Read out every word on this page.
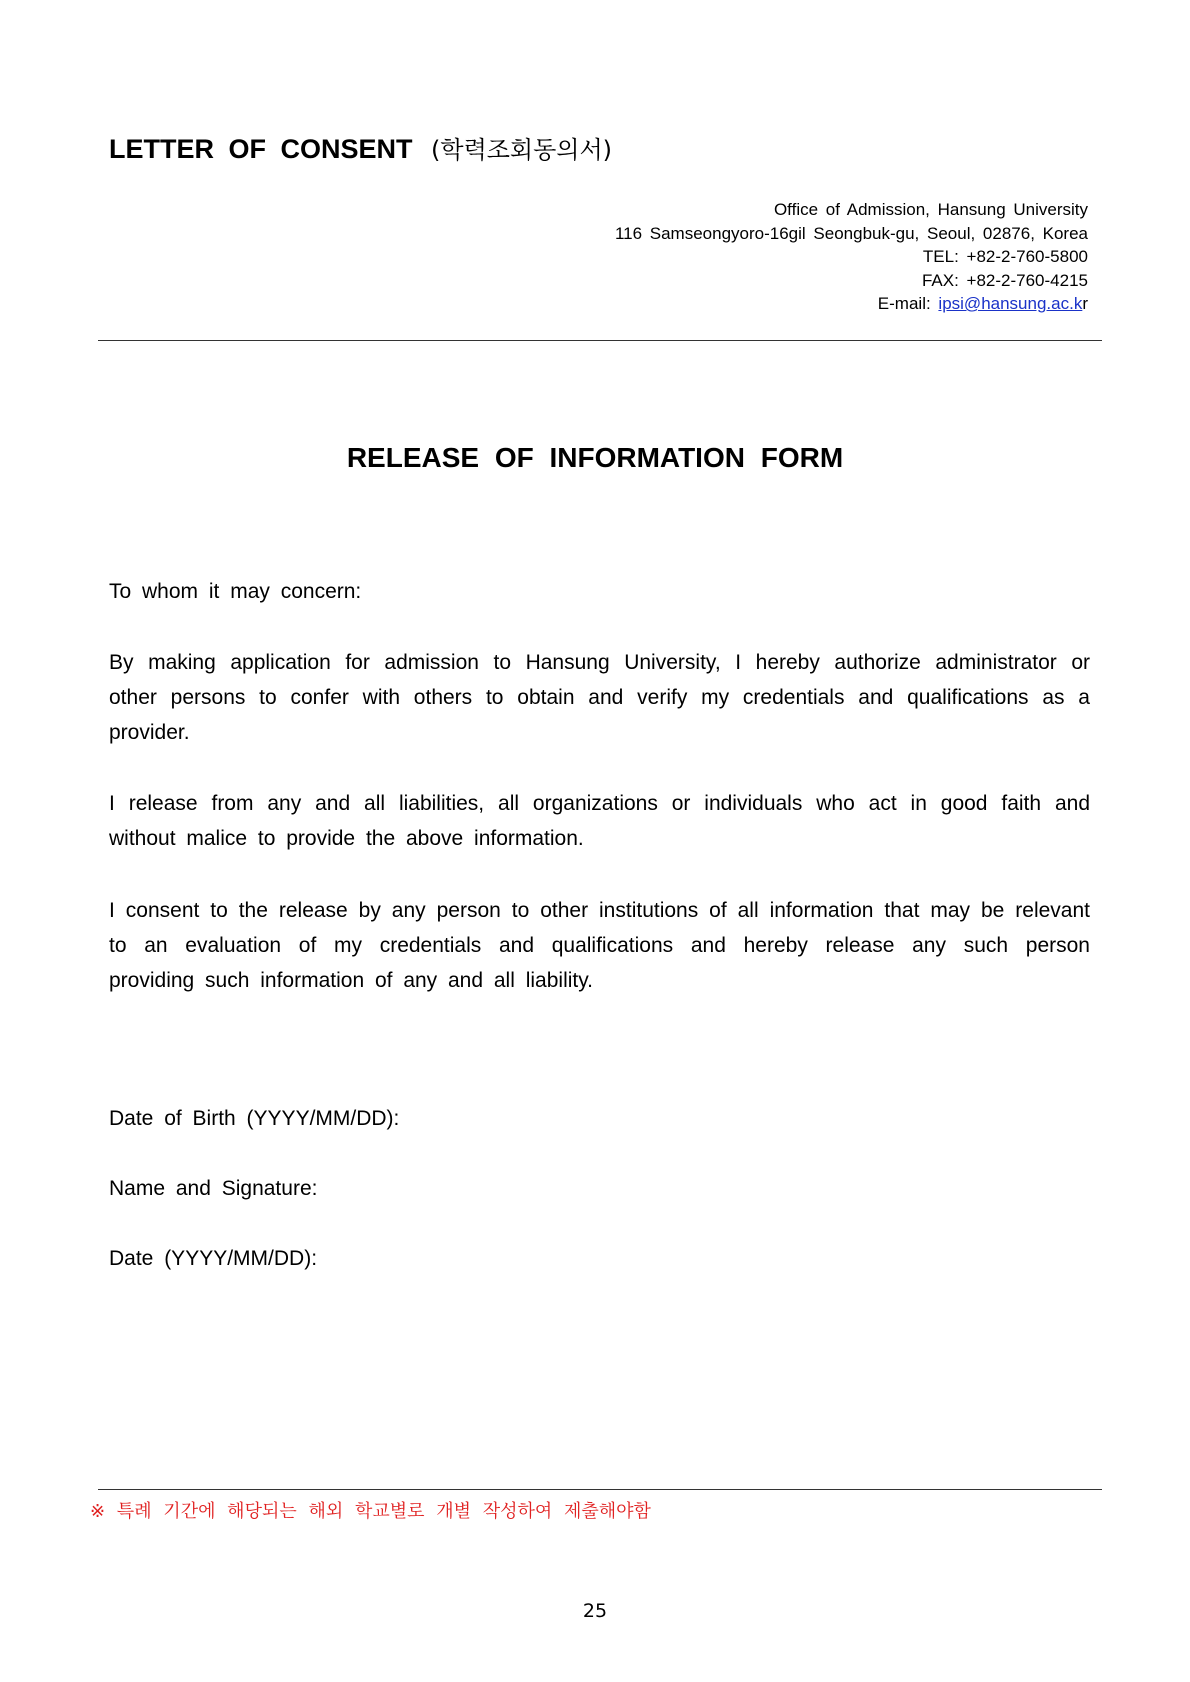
LETTER OF CONSENT (학력조회동의서)
Office of Admission, Hansung University
116 Samseongyoro-16gil Seongbuk-gu, Seoul, 02876, Korea
TEL: +82-2-760-5800
FAX: +82-2-760-4215
E-mail: ipsi@hansung.ac.kr
RELEASE OF INFORMATION FORM

To whom it may concern:

By making application for admission to Hansung University, I hereby authorize administrator or other persons to confer with others to obtain and verify my credentials and qualifications as a provider.

I release from any and all liabilities, all organizations or individuals who act in good faith and without malice to provide the above information.

I consent to the release by any person to other institutions of all information that may be relevant to an evaluation of my credentials and qualifications and hereby release any such person providing such information of any and all liability.

Date of Birth (YYYY/MM/DD):
Name and Signature:
Date (YYYY/MM/DD):
※ 특례 기간에 해당되는 해외 학교별로 개별 작성하여 제출해야함
25
